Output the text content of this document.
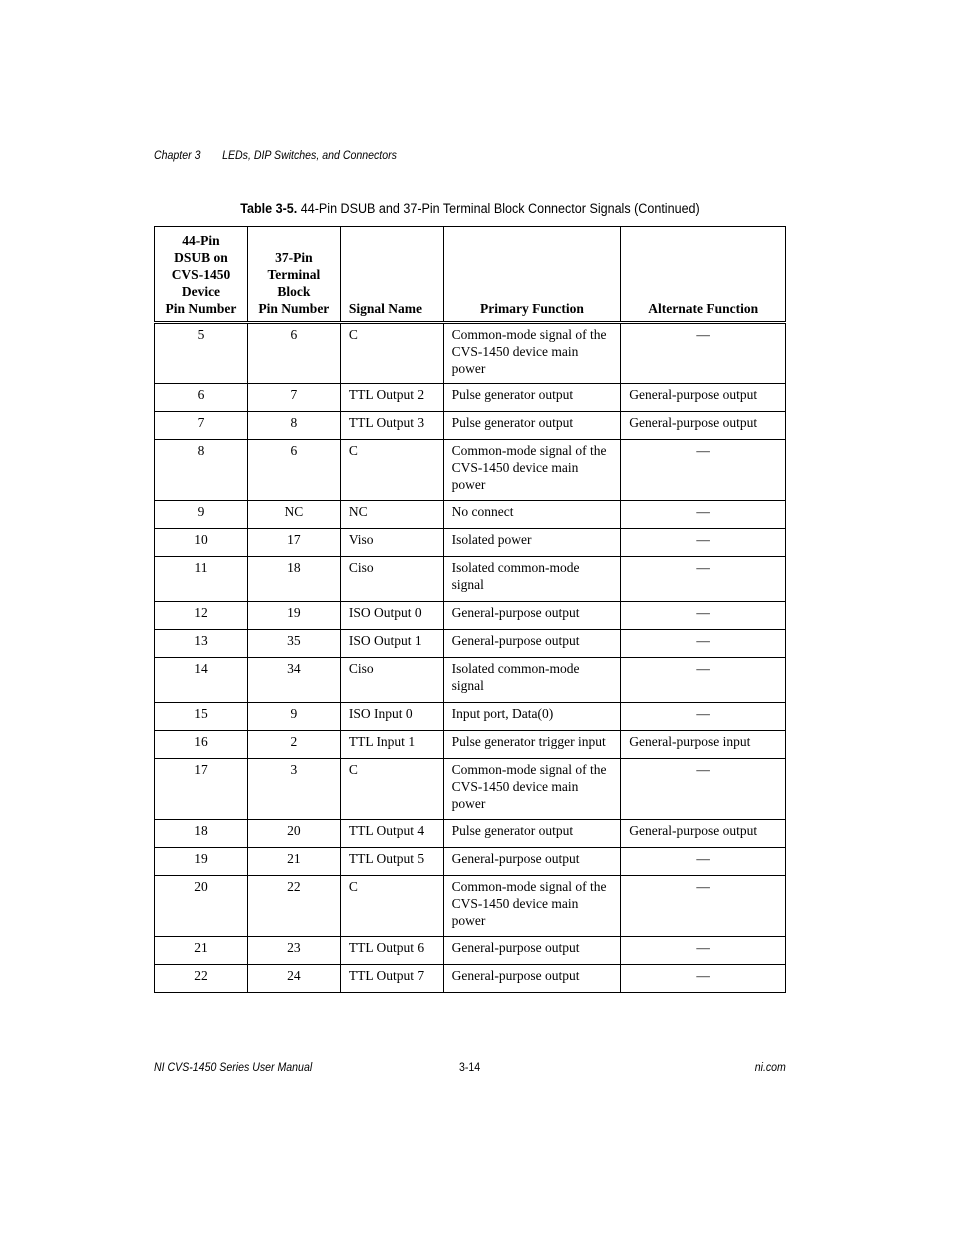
Chapter 3 LEDs, DIP Switches, and Connectors
Table 3-5. 44-Pin DSUB and 37-Pin Terminal Block Connector Signals (Continued)
44-Pin
DSUB on
CVS-1450
Device
Pin Number	37-Pin
Terminal
Block
Pin Number	Signal Name	Primary Function	Alternate Function
5	6	C	Common-mode signal of the CVS-1450 device main power	—
6	7	TTL Output 2	Pulse generator output	General-purpose output
7	8	TTL Output 3	Pulse generator output	General-purpose output
8	6	C	Common-mode signal of the CVS-1450 device main power	—
9	NC	NC	No connect	—
10	17	Viso	Isolated power	—
11	18	Ciso	Isolated common-mode signal	—
12	19	ISO Output 0	General-purpose output	—
13	35	ISO Output 1	General-purpose output	—
14	34	Ciso	Isolated common-mode signal	—
15	9	ISO Input 0	Input port, Data(0)	—
16	2	TTL Input 1	Pulse generator trigger input	General-purpose input
17	3	C	Common-mode signal of the CVS-1450 device main power	—
18	20	TTL Output 4	Pulse generator output	General-purpose output
19	21	TTL Output 5	General-purpose output	—
20	22	C	Common-mode signal of the CVS-1450 device main power	—
21	23	TTL Output 6	General-purpose output	—
22	24	TTL Output 7	General-purpose output	—
NI CVS-1450 Series User Manual	3-14	ni.com
